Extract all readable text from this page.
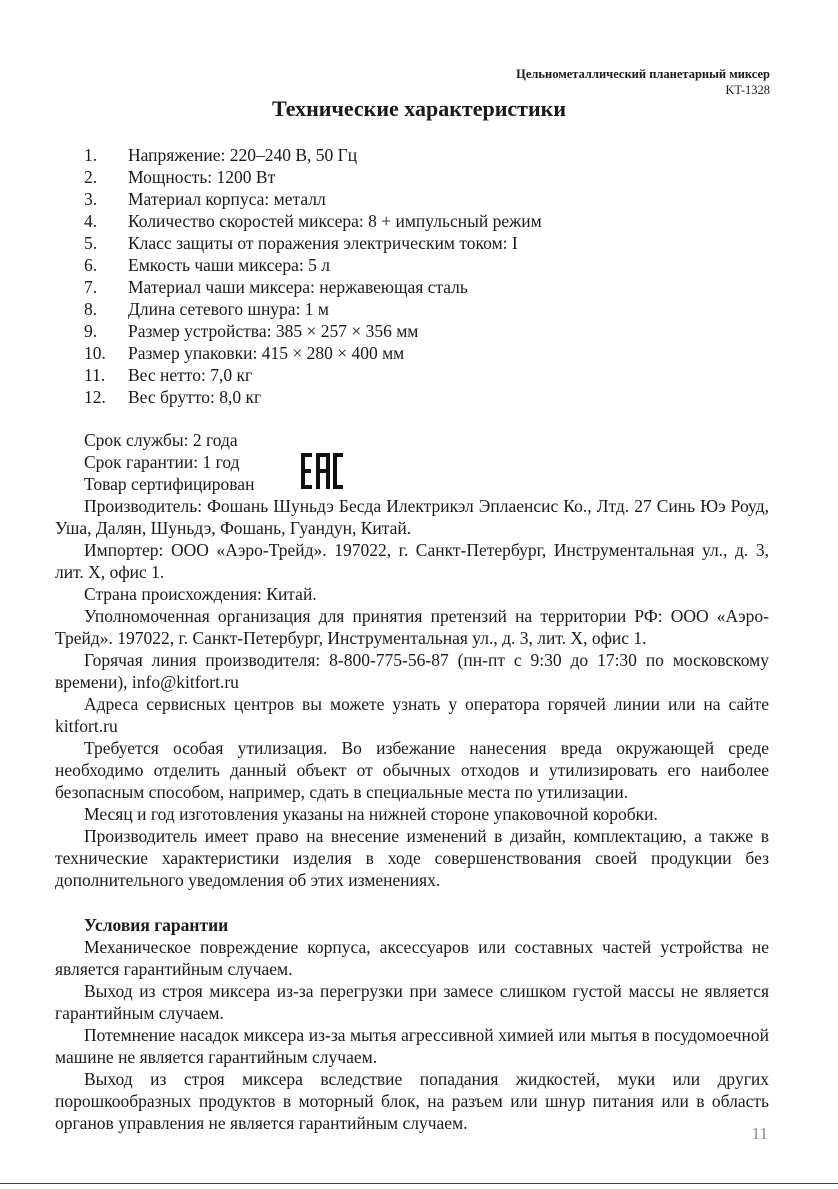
Цельнометаллический планетарный миксер
KT-1328
Технические характеристики
1.	Напряжение: 220–240 В, 50 Гц
2.	Мощность: 1200 Вт
3.	Материал корпуса: металл
4.	Количество скоростей миксера: 8 + импульсный режим
5.	Класс защиты от поражения электрическим током: I
6.	Емкость чаши миксера: 5 л
7.	Материал чаши миксера: нержавеющая сталь
8.	Длина сетевого шнура: 1 м
9.	Размер устройства: 385 × 257 × 356 мм
10.	Размер упаковки: 415 × 280 × 400 мм
11.	Вес нетто: 7,0 кг
12.	Вес брутто: 8,0 кг
Срок службы: 2 года
Срок гарантии: 1 год
Товар сертифицирован

Производитель: Фошань Шуньдэ Беcда Илектрикэл Эплаенсис Ко., Лтд. 27 Синь Юэ Роуд, Уша, Далян, Шуньдэ, Фошань, Гуандун, Китай.

Импортер: ООО «Аэро-Трейд». 197022, г. Санкт-Петербург, Инструментальная ул., д. 3, лит. Х, офис 1.

Страна происхождения: Китай.

Уполномоченная организация для принятия претензий на территории РФ: ООО «Аэро-Трейд». 197022, г. Санкт-Петербург, Инструментальная ул., д. 3, лит. Х, офис 1.

Горячая линия производителя: 8-800-775-56-87 (пн-пт с 9:30 до 17:30 по московскому времени), info@kitfort.ru

Адреса сервисных центров вы можете узнать у оператора горячей линии или на сайте kitfort.ru

Требуется особая утилизация. Во избежание нанесения вреда окружающей среде необходимо отделить данный объект от обычных отходов и утилизировать его наиболее безопасным способом, например, сдать в специальные места по утилизации.

Месяц и год изготовления указаны на нижней стороне упаковочной коробки.

Производитель имеет право на внесение изменений в дизайн, комплектацию, а также в технические характеристики изделия в ходе совершенствования своей продукции без дополнительного уведомления об этих изменениях.

Условия гарантии

Механическое повреждение корпуса, аксессуаров или составных частей устройства не является гарантийным случаем.

Выход из строя миксера из-за перегрузки при замесе слишком густой массы не является гарантийным случаем.

Потемнение насадок миксера из-за мытья агрессивной химией или мытья в посудомоечной машине не является гарантийным случаем.

Выход из строя миксера вследствие попадания жидкостей, муки или других порошкообразных продуктов в моторный блок, на разъем или шнур питания или в область органов управления не является гарантийным случаем.

11
